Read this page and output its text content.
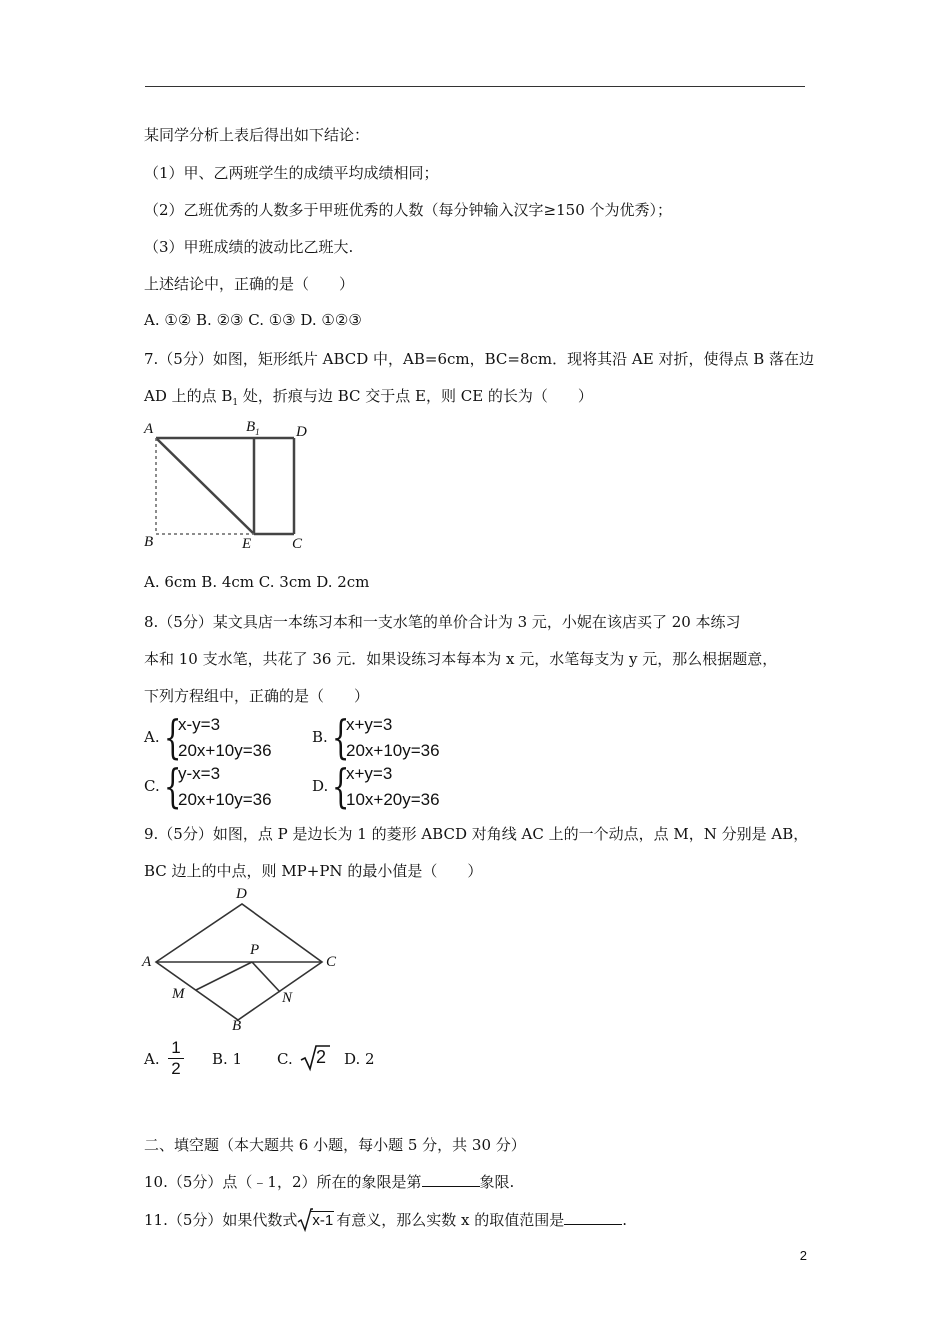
某同学分析上表后得出如下结论：
（1）甲、乙两班学生的成绩平均成绩相同；
（2）乙班优秀的人数多于甲班优秀的人数（每分钟输入汉字≥150 个为优秀）；
（3）甲班成绩的波动比乙班大.
上述结论中，正确的是（　　）
A. ①② B. ②③ C. ①③ D. ①②③
7.（5分）如图，矩形纸片 ABCD 中，AB=6cm，BC=8cm．现将其沿 AE 对折，使得点 B 落在边
AD 上的点 $B_1$ 处，折痕与边 BC 交于点 E，则 CE 的长为（　　）
A	$B_1$ D
B	E	C
A. 6cm B. 4cm C. 3cm D. 2cm
8.（5分）某文具店一本练习本和一支水笔的单价合计为 3 元，小妮在该店买了 20 本练习
本和 10 支水笔，共花了 36 元．如果设练习本每本为 x 元，水笔每支为 y 元，那么根据题意，
下列方程组中，正确的是（　　）
A. {
x-y=3
20x+10y=36
B. {
x+y=3
20x+10y=36
C. {
y-x=3
20x+10y=36
D. {
x+y=3
10x+20y=36
9.（5分）如图，点 P 是边长为 1 的菱形 ABCD 对角线 AC 上的一个动点，点 M，N 分别是 AB，
BC 边上的中点，则 MP+PN 的最小值是（　　）
D
A
P
C
M	N
B
A. $\frac{1}{2} B$. 1 C. 2 D. 2
二、填空题（本大题共 6 小题，每小题 5 分，共 30 分）
10.（5分）点（﹣1，2）所在的象限是第	象限.
11.（5分）如果代数式 x-1 有意义，那么实数 x 的取值范围是	.
2
